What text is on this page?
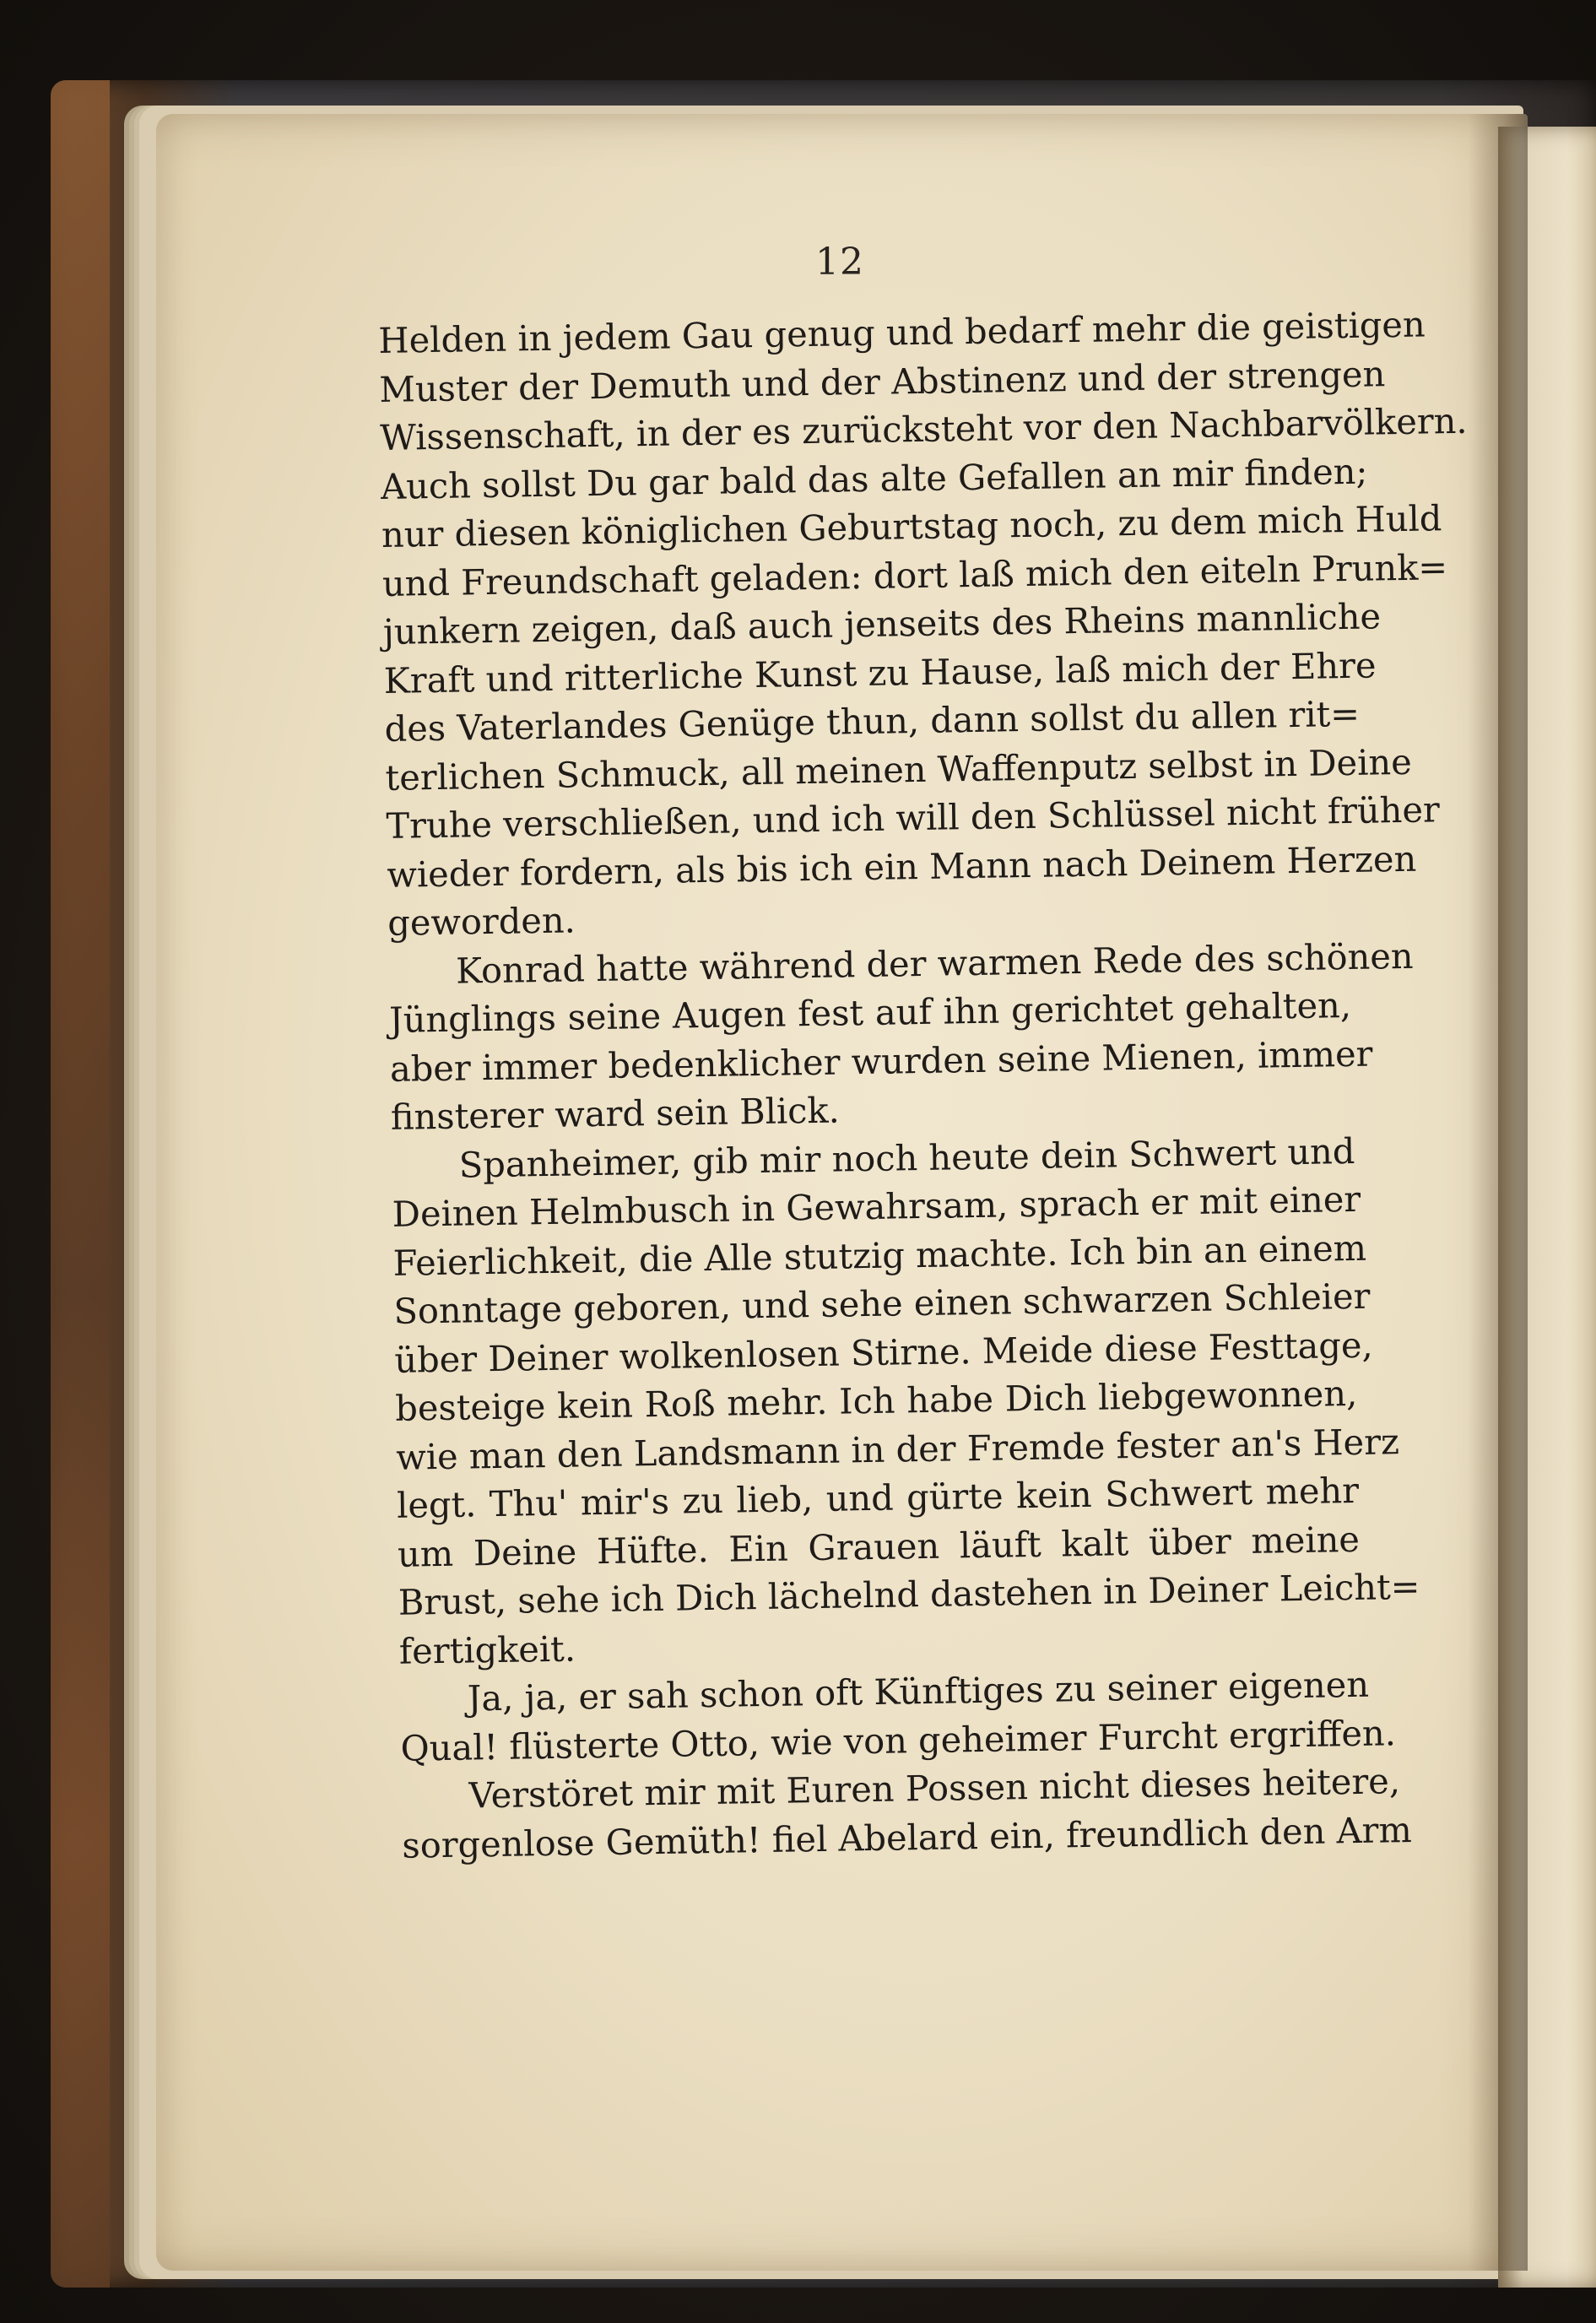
12
Helden in jedem Gau genug und bedarf mehr die geistigen
Muster der Demuth und der Abstinenz und der strengen
Wissenschaft, in der es zurücksteht vor den Nachbarvölkern.
Auch sollst Du gar bald das alte Gefallen an mir finden;
nur diesen königlichen Geburtstag noch, zu dem mich Huld
und Freundschaft geladen: dort laß mich den eiteln Prunk=
junkern zeigen, daß auch jenseits des Rheins mannliche
Kraft und ritterliche Kunst zu Hause, laß mich der Ehre
des Vaterlandes Genüge thun, dann sollst du allen rit=
terlichen Schmuck, all meinen Waffenputz selbst in Deine
Truhe verschließen, und ich will den Schlüssel nicht früher
wieder fordern, als bis ich ein Mann nach Deinem Herzen
geworden.
Konrad hatte während der warmen Rede des schönen
Jünglings seine Augen fest auf ihn gerichtet gehalten,
aber immer bedenklicher wurden seine Mienen, immer
finsterer ward sein Blick.
Spanheimer, gib mir noch heute dein Schwert und
Deinen Helmbusch in Gewahrsam, sprach er mit einer
Feierlichkeit, die Alle stutzig machte. Ich bin an einem
Sonntage geboren, und sehe einen schwarzen Schleier
über Deiner wolkenlosen Stirne. Meide diese Festtage,
besteige kein Roß mehr. Ich habe Dich liebgewonnen,
wie man den Landsmann in der Fremde fester an's Herz
legt. Thu' mir's zu lieb, und gürte kein Schwert mehr
um Deine Hüfte. Ein Grauen läuft kalt über meine
Brust, sehe ich Dich lächelnd dastehen in Deiner Leicht=
fertigkeit.
Ja, ja, er sah schon oft Künftiges zu seiner eigenen
Qual! flüsterte Otto, wie von geheimer Furcht ergriffen.
Verstöret mir mit Euren Possen nicht dieses heitere,
sorgenlose Gemüth! fiel Abelard ein, freundlich den Arm
